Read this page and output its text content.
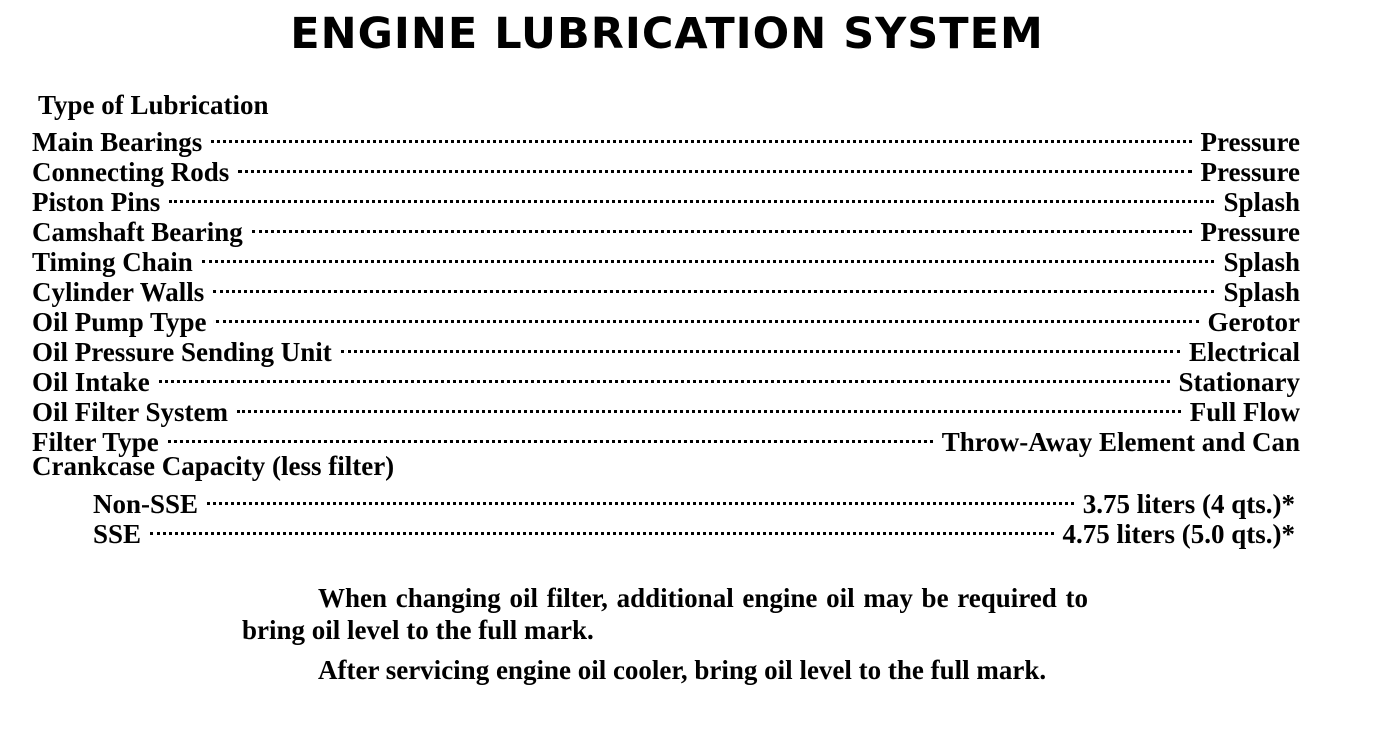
ENGINE LUBRICATION SYSTEM
Type of Lubrication
Main Bearings	Pressure
Connecting Rods	Pressure
Piston Pins	Splash
Camshaft Bearing	Pressure
Timing Chain	Splash
Cylinder Walls	Splash
Oil Pump Type	Gerotor
Oil Pressure Sending Unit	Electrical
Oil Intake	Stationary
Oil Filter System	Full Flow
Filter Type	Throw-Away Element and Can
Crankcase Capacity (less filter)
Non-SSE	3.75 liters (4 qts.)*
SSE	4.75 liters (5.0 qts.)*

When changing oil filter, additional engine oil may be required to bring oil level to the full mark.

After servicing engine oil cooler, bring oil level to the full mark.
